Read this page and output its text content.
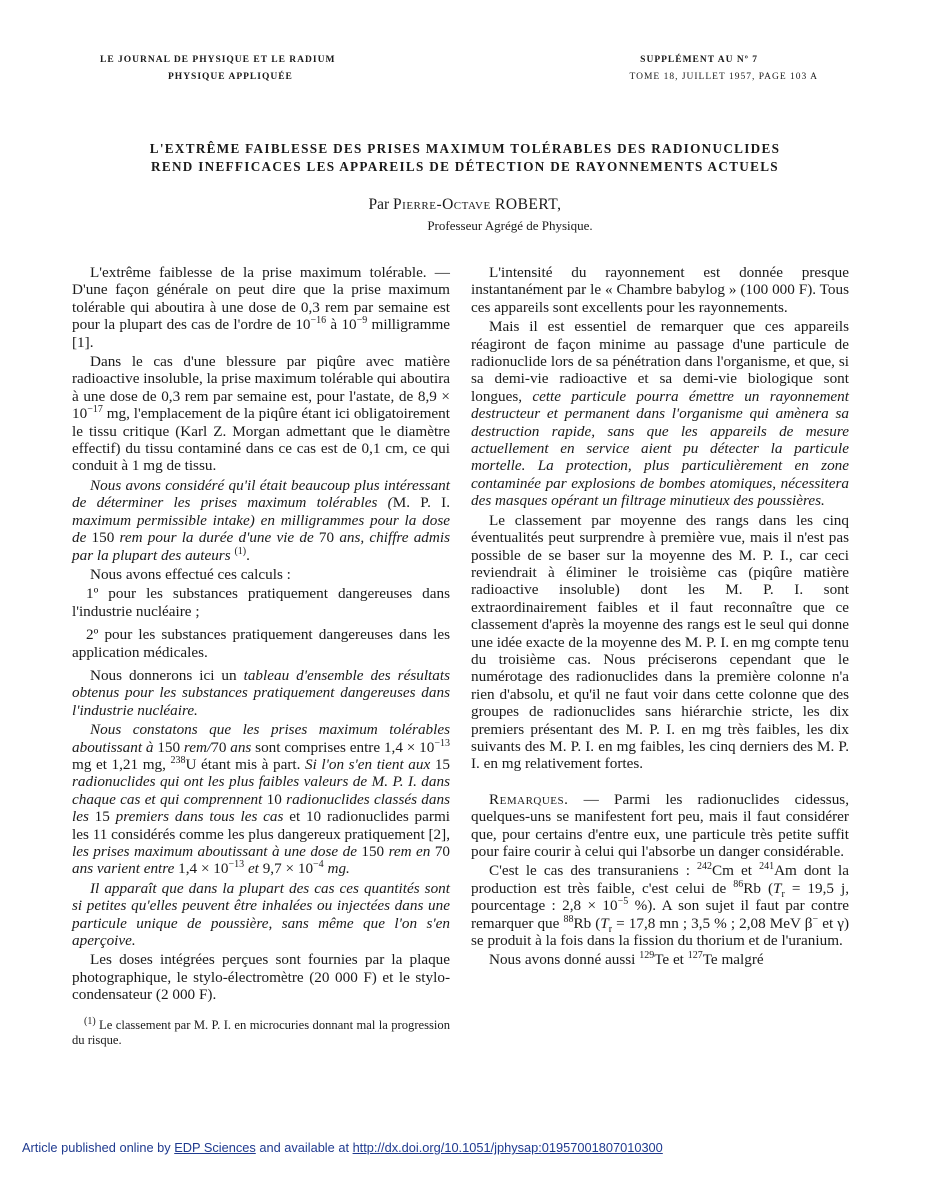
LE JOURNAL DE PHYSIQUE ET LE RADIUM
PHYSIQUE APPLIQUÉE
SUPPLÉMENT AU Nº 7
TOME 18, JUILLET 1957, PAGE 103 A
L'EXTRÊME FAIBLESSE DES PRISES MAXIMUM TOLÉRABLES DES RADIONUCLIDES
REND INEFFICACES LES APPAREILS DE DÉTECTION DE RAYONNEMENTS ACTUELS
Par Pierre-Octave ROBERT,
Professeur Agrégé de Physique.

L'extrême faiblesse de la prise maximum tolérable. — D'une façon générale on peut dire que la prise maximum tolérable qui aboutira à une dose de 0,3 rem par semaine est pour la plupart des cas de l'ordre de $10^{-16}$ à $10^{-9}$ milligramme [1].

Dans le cas d'une blessure par piqûre avec matière radioactive insoluble, la prise maximum tolérable qui aboutira à une dose de 0,3 rem par semaine est, pour l'astate, de $8,9 \times 10^{-17}$ mg, l'emplacement de la piqûre étant ici obligatoirement le tissu critique (Karl Z. Morgan admettant que le diamètre effectif) du tissu contaminé dans ce cas est de 0,1 cm, ce qui conduit à 1 mg de tissu.

Nous avons considéré qu'il était beaucoup plus intéressant de déterminer les prises maximum tolérables (M. P. I. maximum permissible intake) en milligrammes pour la dose de 150 rem pour la durée d'une vie de 70 ans, chiffre admis par la plupart des auteurs $^{(1)}$.

Nous avons effectué ces calculs :

1º pour les substances pratiquement dangereuses dans l'industrie nucléaire ;

2º pour les substances pratiquement dangereuses dans les application médicales.

Nous donnerons ici un tableau d'ensemble des résultats obtenus pour les substances pratiquement dangereuses dans l'industrie nucléaire.

Nous constatons que les prises maximum tolérables aboutissant à 150 rem/70 ans sont comprises entre $1,4 \times 10^{-13}$ mg et 1,21 mg, $^{238}$U étant mis à part. Si l'on s'en tient aux 15 radionuclides qui ont les plus faibles valeurs de M. P. I. dans chaque cas et qui comprennent 10 radionuclides classés dans les 15 premiers dans tous les cas et 10 radionuclides parmi les 11 considérés comme les plus dangereux pratiquement [2], les prises maximum aboutissant à une dose de 150 rem en 70 ans varient entre $1,4 \times 10^{-13}$ et $9,7 \times 10^{-4}$ mg.

Il apparaît que dans la plupart des cas ces quantités sont si petites qu'elles peuvent être inhalées ou injectées dans une particule unique de poussière, sans même que l'on s'en aperçoive.

Les doses intégrées perçues sont fournies par la plaque photographique, le stylo-électromètre (20 000 F) et le stylo-condensateur (2 000 F).

$^{(1)}$ Le classement par M. P. I. en microcuries donnant mal la progression du risque.

L'intensité du rayonnement est donnée presque instantanément par le « Chambre babylog » (100 000 F). Tous ces appareils sont excellents pour les rayonnements.

Mais il est essentiel de remarquer que ces appareils réagiront de façon minime au passage d'une particule de radionuclide lors de sa pénétration dans l'organisme, et que, si sa demi-vie radioactive et sa demi-vie biologique sont longues, cette particule pourra émettre un rayonnement destructeur et permanent dans l'organisme qui amènera sa destruction rapide, sans que les appareils de mesure actuellement en service aient pu détecter la particule mortelle. La protection, plus particulièrement en zone contaminée par explosions de bombes atomiques, nécessitera des masques opérant un filtrage minutieux des poussières.

Le classement par moyenne des rangs dans les cinq éventualités peut surprendre à première vue, mais il n'est pas possible de se baser sur la moyenne des M. P. I., car ceci reviendrait à éliminer le troisième cas (piqûre matière radioactive insoluble) dont les M. P. I. sont extraordinairement faibles et il faut reconnaître que ce classement d'après la moyenne des rangs est le seul qui donne une idée exacte de la moyenne des M. P. I. en mg compte tenu du troisième cas. Nous préciserons cependant que le numérotage des radionuclides dans la première colonne n'a rien d'absolu, et qu'il ne faut voir dans cette colonne que des groupes de radionuclides sans hiérarchie stricte, les dix premiers présentant des M. P. I. en mg très faibles, les dix suivants des M. P. I. en mg faibles, les cinq derniers des M. P. I. en mg relativement fortes.

Remarques. — Parmi les radionuclides cidessus, quelques-uns se manifestent fort peu, mais il faut considérer que, pour certains d'entre eux, une particule très petite suffit pour faire courir à celui qui l'absorbe un danger considérable.

C'est le cas des transuraniens : $^{242}$Cm et $^{241}$Am dont la production est très faible, c'est celui de $^{86}$Rb ($T_r = 19,5$ j, pourcentage : $2,8 \times 10^{-5}$ %). A son sujet il faut par contre remarquer que $^{88}$Rb ($T_r = 17,8$ mn ; 3,5 % ; 2,08 MeV β− et γ) se produit à la fois dans la fission du thorium et de l'uranium.

Nous avons donné aussi $^{129}$Te et $^{127}$Te malgré

Article published online by EDP Sciences and available at http://dx.doi.org/10.1051/jphysap:01957001807010300
